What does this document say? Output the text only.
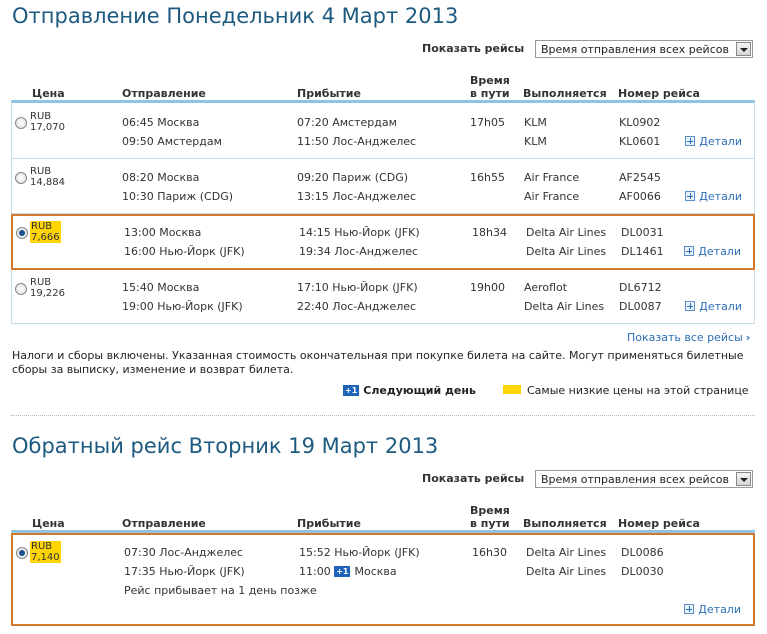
Отправление Понедельник 4 Март 2013
Показать рейсы Время отправления всех рейсов
Цена	Отправление	Прибытие
Время
в пути Выполняется Номер рейса
RUB
17,070	06:45 Москва	07:20 Амстердам	17h05 KLM	KL0902
09:50 Амстердам	11:50 Лос-Анджелес	KLM	KL0601	Детали
RUB
14,884	08:20 Москва	09:20 Париж (CDG)	16h55 Air France	AF2545
10:30 Париж (CDG)	13:15 Лос-Анджелес	Air France	AF0066	Детали
RUB
7,666	13:00 Москва	14:15 Нью-Йорк (JFK)	18h34 Delta Air Lines DL0031
16:00 Нью-Йорк (JFK)	19:34 Лос-Анджелес	Delta Air Lines DL1461	Детали
RUB
19,226	15:40 Москва	17:10 Нью-Йорк (JFK)	19h00 Aeroflot	DL6712
19:00 Нью-Йорк (JFK)	22:40 Лос-Анджелес	Delta Air Lines DL0087	Детали
Показать все рейсы ›
Налоги и сборы включены. Указанная стоимость окончательная при покупке билета на сайте. Могут применяться билетные сборы за выписку, изменение и возврат билета.
+1 Следующий день	Самые низкие цены на этой странице
Обратный рейс Вторник 19 Март 2013
Показать рейсы Время отправления всех рейсов
Цена	Отправление	Прибытие
Время
в пути Выполняется Номер рейса
RUB
7,140	07:30 Лос-Анджелес	15:52 Нью-Йорк (JFK)	16h30 Delta Air Lines DL0086
17:35 Нью-Йорк (JFK)	11:00 +1 Москва	Delta Air Lines DL0030
Рейс прибывает на 1 день позже
Детали
